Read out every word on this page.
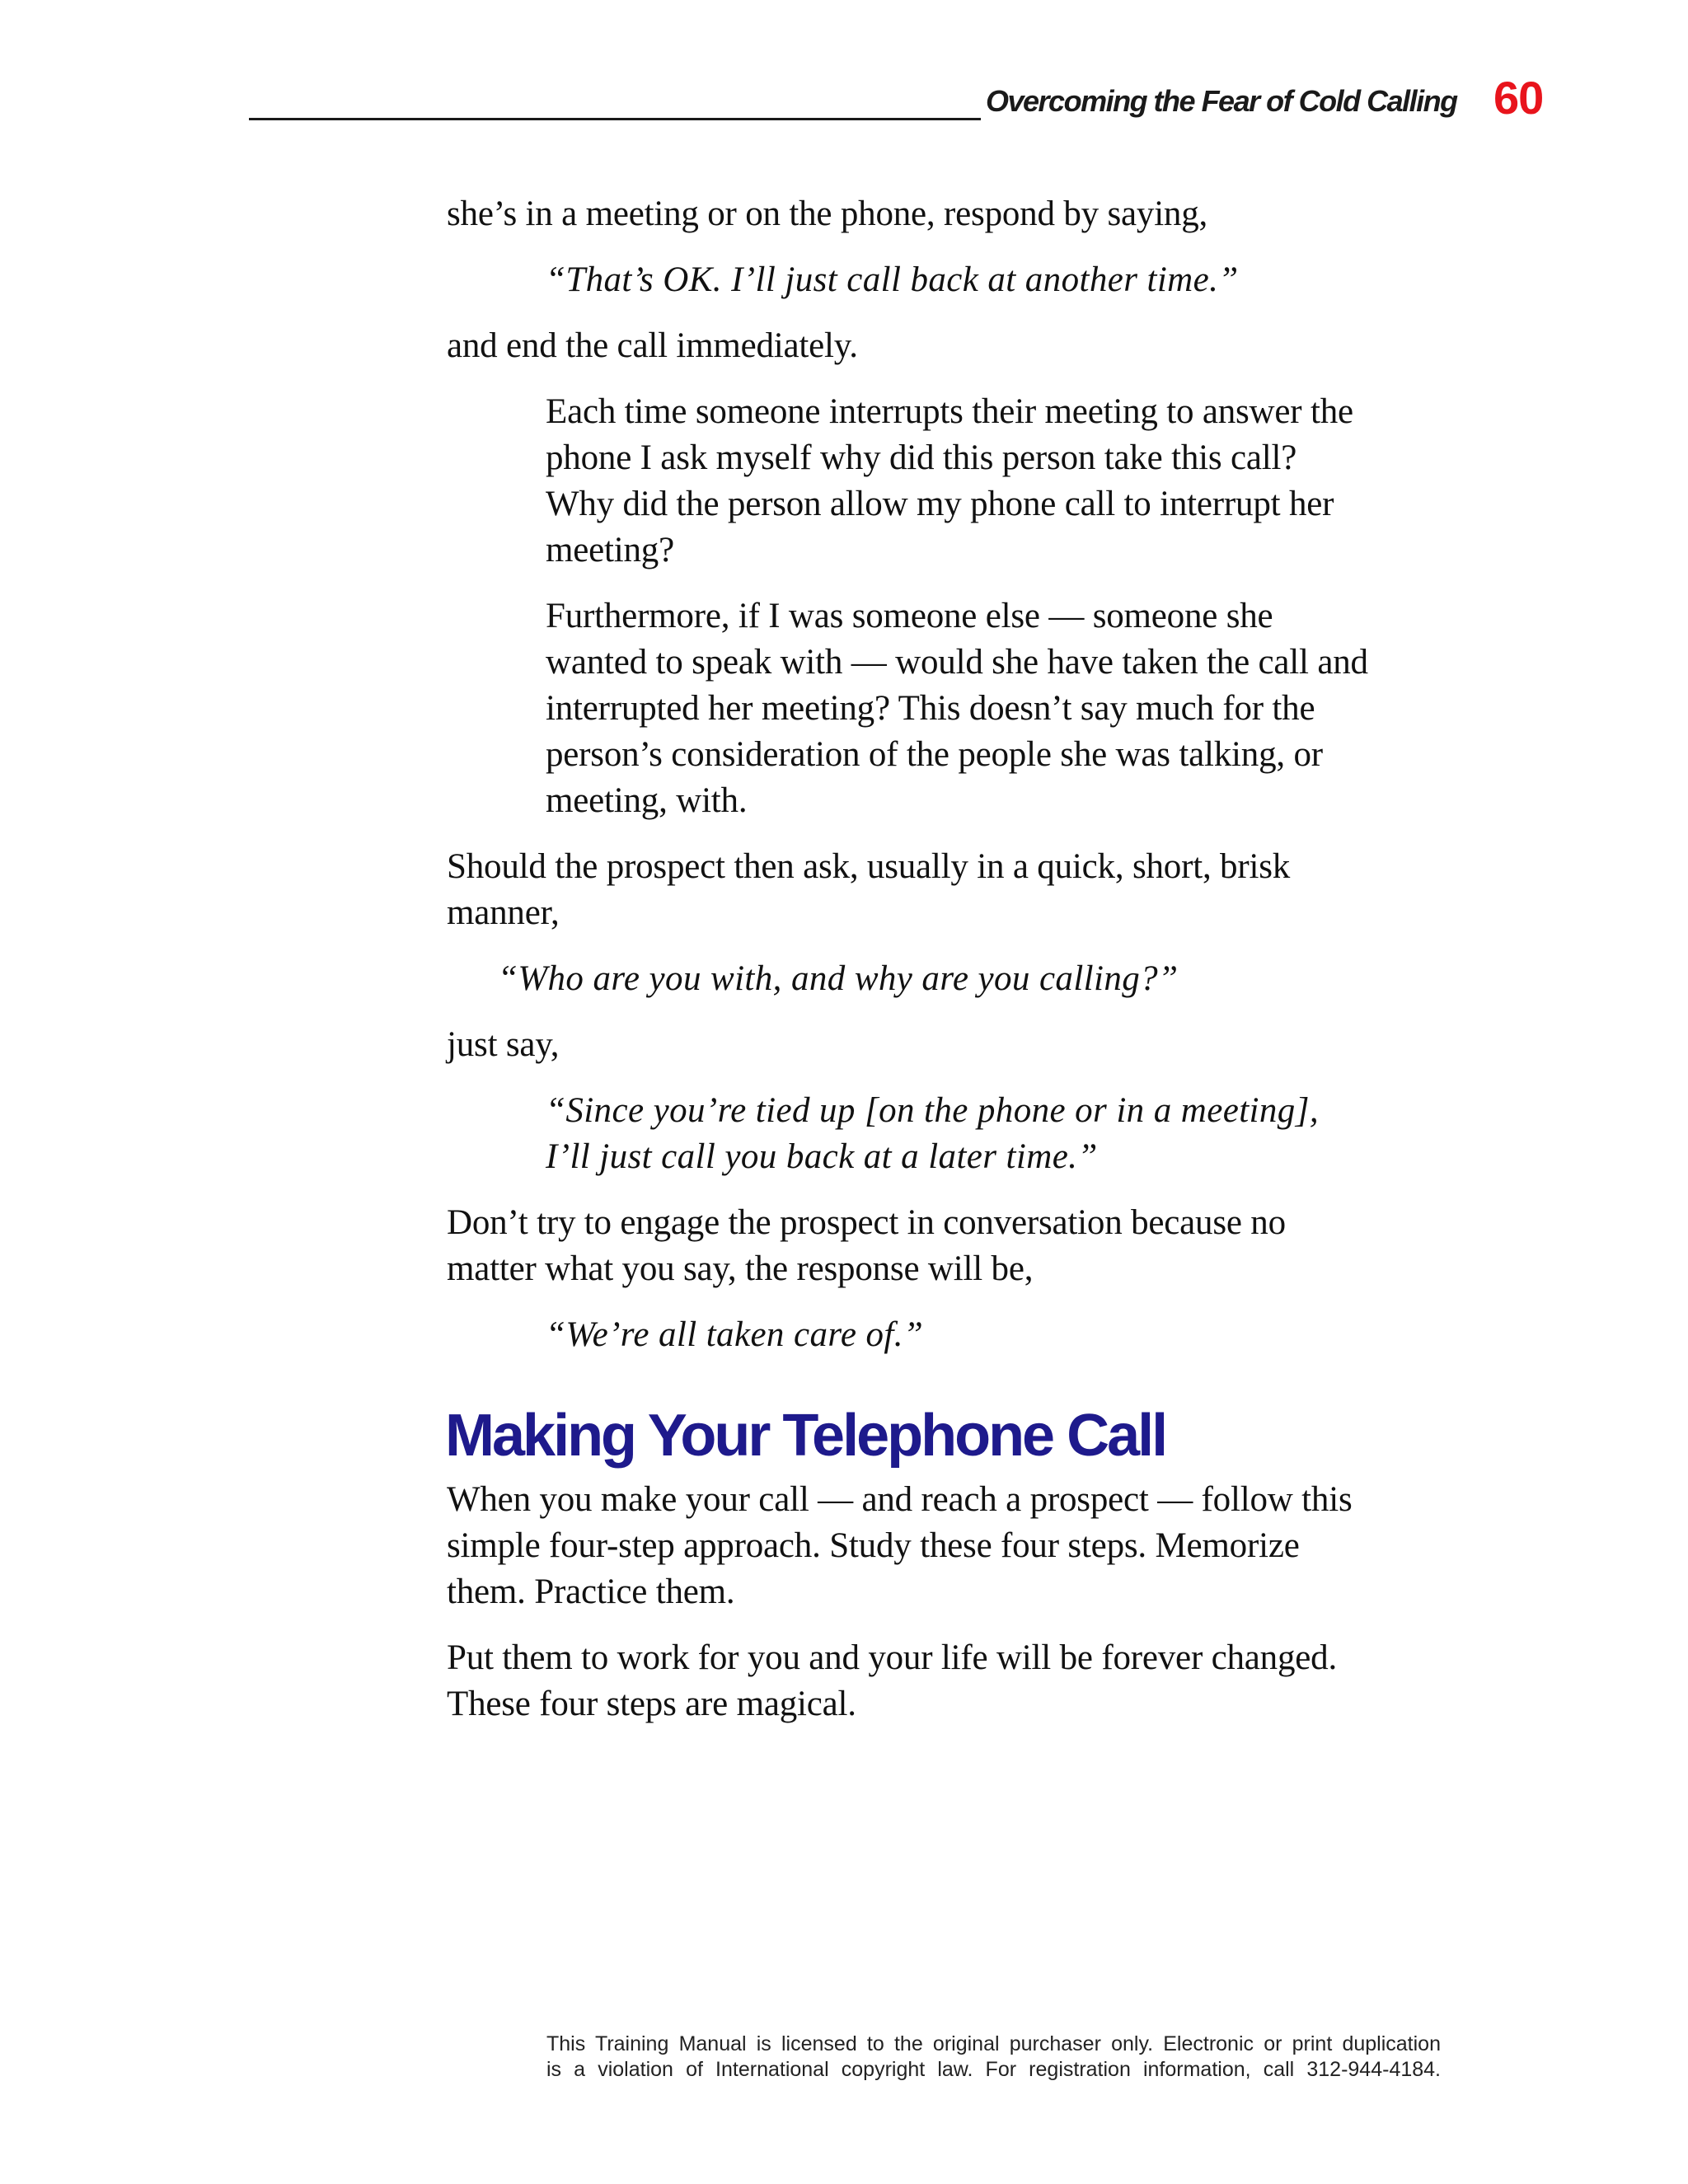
Overcoming the Fear of Cold Calling 60

she’s in a meeting or on the phone, respond by saying,

“That’s OK. I’ll just call back at another time.”

and end the call immediately.

Each time someone interrupts their meeting to answer the
phone I ask myself why did this person take this call?
Why did the person allow my phone call to interrupt her
meeting?

Furthermore, if I was someone else — someone she
wanted to speak with — would she have taken the call and
interrupted her meeting? This doesn’t say much for the
person’s consideration of the people she was talking, or
meeting, with.

Should the prospect then ask, usually in a quick, short, brisk
manner,

“Who are you with, and why are you calling?”

just say,

“Since you’re tied up [on the phone or in a meeting],
I’ll just call you back at a later time.”

Don’t try to engage the prospect in conversation because no
matter what you say, the response will be,

“We’re all taken care of.”

Making Your Telephone Call

When you make your call — and reach a prospect — follow this
simple four-step approach. Study these four steps. Memorize
them. Practice them.

Put them to work for you and your life will be forever changed.
These four steps are magical.

This Training Manual is licensed to the original purchaser only. Electronic or print duplication
is a violation of International copyright law. For registration information, call 312-944-4184.
